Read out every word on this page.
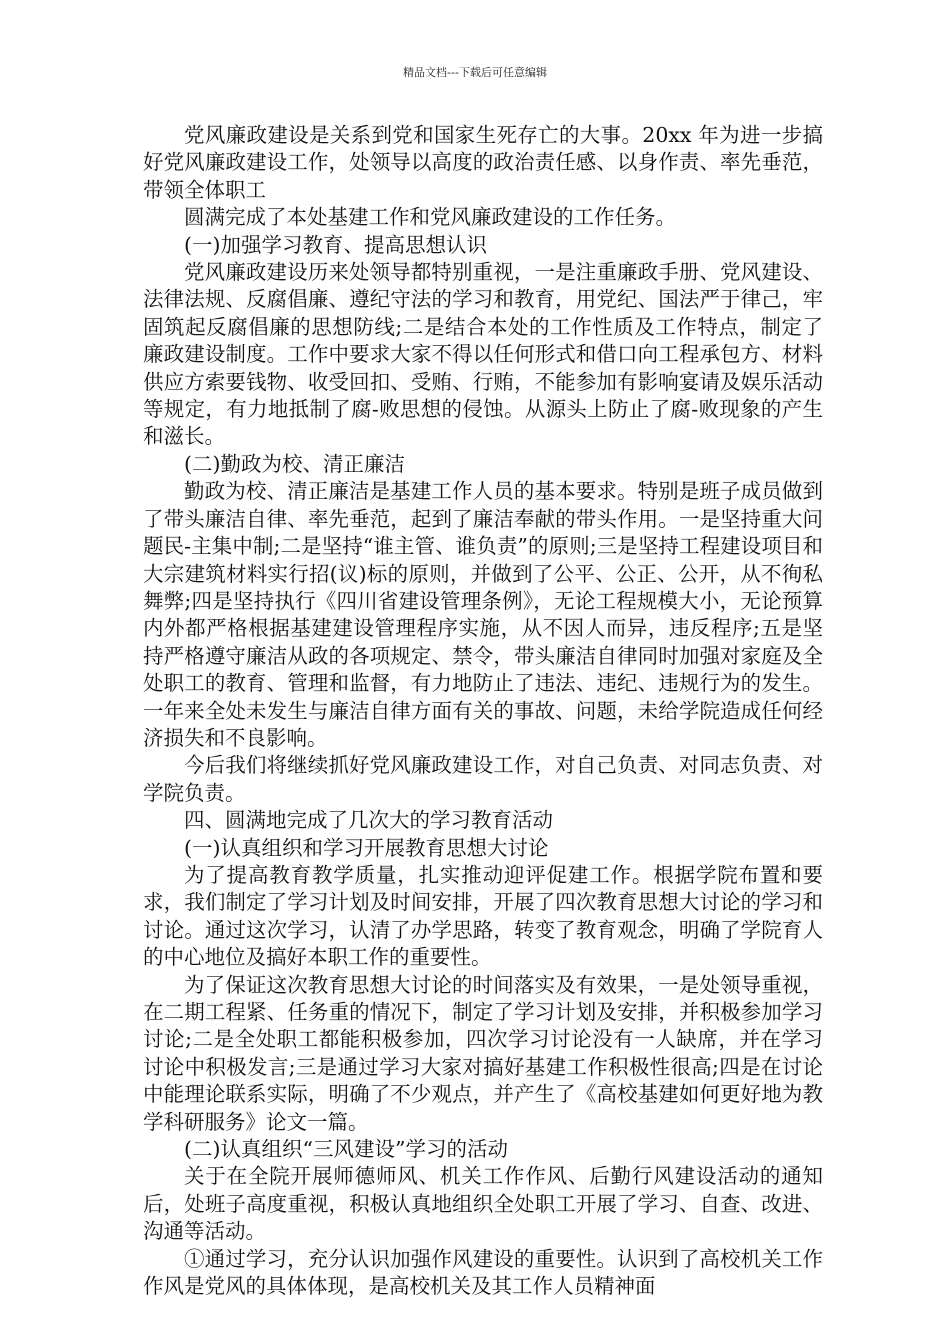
精品文档---下载后可任意编辑

党风廉政建设是关系到党和国家生死存亡的大事。20xx 年为进一步搞好党风廉政建设工作，处领导以高度的政治责任感、以身作责、率先垂范，带领全体职工

圆满完成了本处基建工作和党风廉政建设的工作任务。

(一)加强学习教育、提高思想认识

党风廉政建设历来处领导都特别重视，一是注重廉政手册、党风建设、法律法规、反腐倡廉、遵纪守法的学习和教育，用党纪、国法严于律己，牢固筑起反腐倡廉的思想防线;二是结合本处的工作性质及工作特点，制定了廉政建设制度。工作中要求大家不得以任何形式和借口向工程承包方、材料供应方索要钱物、收受回扣、受贿、行贿，不能参加有影响宴请及娱乐活动等规定，有力地抵制了腐-败思想的侵蚀。从源头上防止了腐-败现象的产生和滋长。

(二)勤政为校、清正廉洁

勤政为校、清正廉洁是基建工作人员的基本要求。特别是班子成员做到了带头廉洁自律、率先垂范，起到了廉洁奉献的带头作用。一是坚持重大问题民-主集中制;二是坚持“谁主管、谁负责”的原则;三是坚持工程建设项目和大宗建筑材料实行招(议)标的原则，并做到了公平、公正、公开，从不徇私舞弊;四是坚持执行《四川省建设管理条例》，无论工程规模大小，无论预算内外都严格根据基建建设管理程序实施，从不因人而异，违反程序;五是坚持严格遵守廉洁从政的各项规定、禁令，带头廉洁自律同时加强对家庭及全处职工的教育、管理和监督，有力地防止了违法、违纪、违规行为的发生。一年来全处未发生与廉洁自律方面有关的事故、问题，未给学院造成任何经济损失和不良影响。

今后我们将继续抓好党风廉政建设工作，对自己负责、对同志负责、对学院负责。

四、圆满地完成了几次大的学习教育活动

(一)认真组织和学习开展教育思想大讨论

为了提高教育教学质量，扎实推动迎评促建工作。根据学院布置和要求，我们制定了学习计划及时间安排，开展了四次教育思想大讨论的学习和讨论。通过这次学习，认清了办学思路，转变了教育观念，明确了学院育人的中心地位及搞好本职工作的重要性。

为了保证这次教育思想大讨论的时间落实及有效果，一是处领导重视，在二期工程紧、任务重的情况下，制定了学习计划及安排，并积极参加学习讨论;二是全处职工都能积极参加，四次学习讨论没有一人缺席，并在学习讨论中积极发言;三是通过学习大家对搞好基建工作积极性很高;四是在讨论中能理论联系实际，明确了不少观点，并产生了《高校基建如何更好地为教学科研服务》论文一篇。

(二)认真组织“三风建设”学习的活动

关于在全院开展师德师风、机关工作作风、后勤行风建设活动的通知后，处班子高度重视，积极认真地组织全处职工开展了学习、自查、改进、沟通等活动。

①通过学习，充分认识加强作风建设的重要性。认识到了高校机关工作作风是党风的具体体现，是高校机关及其工作人员精神面
